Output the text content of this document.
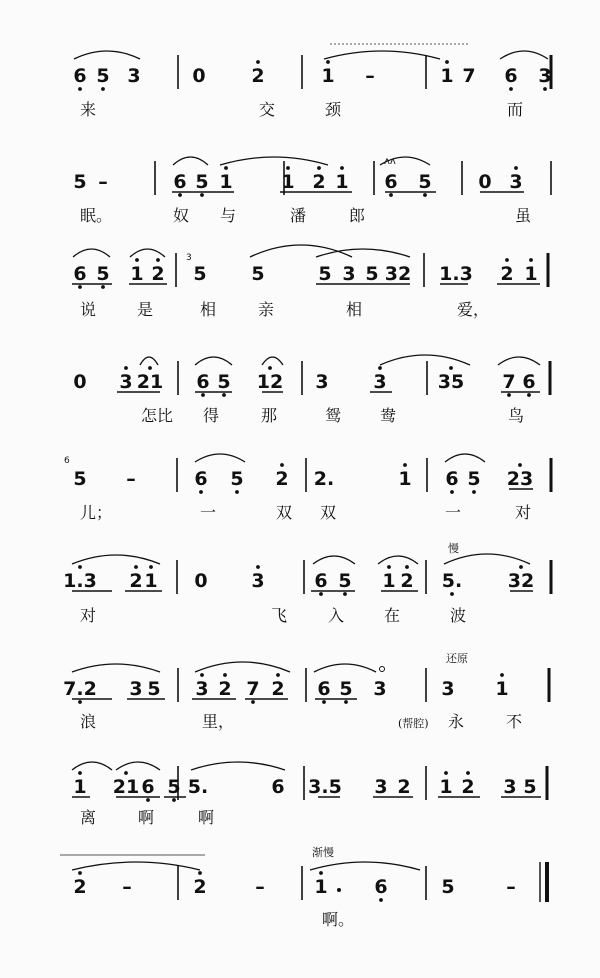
6 5 3	0 2	1 –	1 7 6 3
来	交	颈	而
5 –	6 5 1	1 2 1 6 5 0 3
眠。	奴 与	潘	郎	虽
6 5 1 2 5 5	5 3 5 32 1.3 2 1
说	是	相	亲	相	爱，
0 3 21 6 5 12 3 3	35 7 6
怎比 得	那	鸳 鸯	鸟
5 –	6 5 2 2.	1 6 5 23
儿；	一	双 双	一	对
1.3 2 1 0 3	6 5 1 2 5. 32
对	飞	入 在	波
7.2 3 5 3 2 7 2 6 5 3	3 1
浪	里，	(帮腔) 永	不
1 21 6 5 5.	6 3.5 3 2 1 2 3 5
离	啊	啊
2 –	2	–	1 6	5	–
啊。
慢
还原
渐慢
3
6
ʌʌ
